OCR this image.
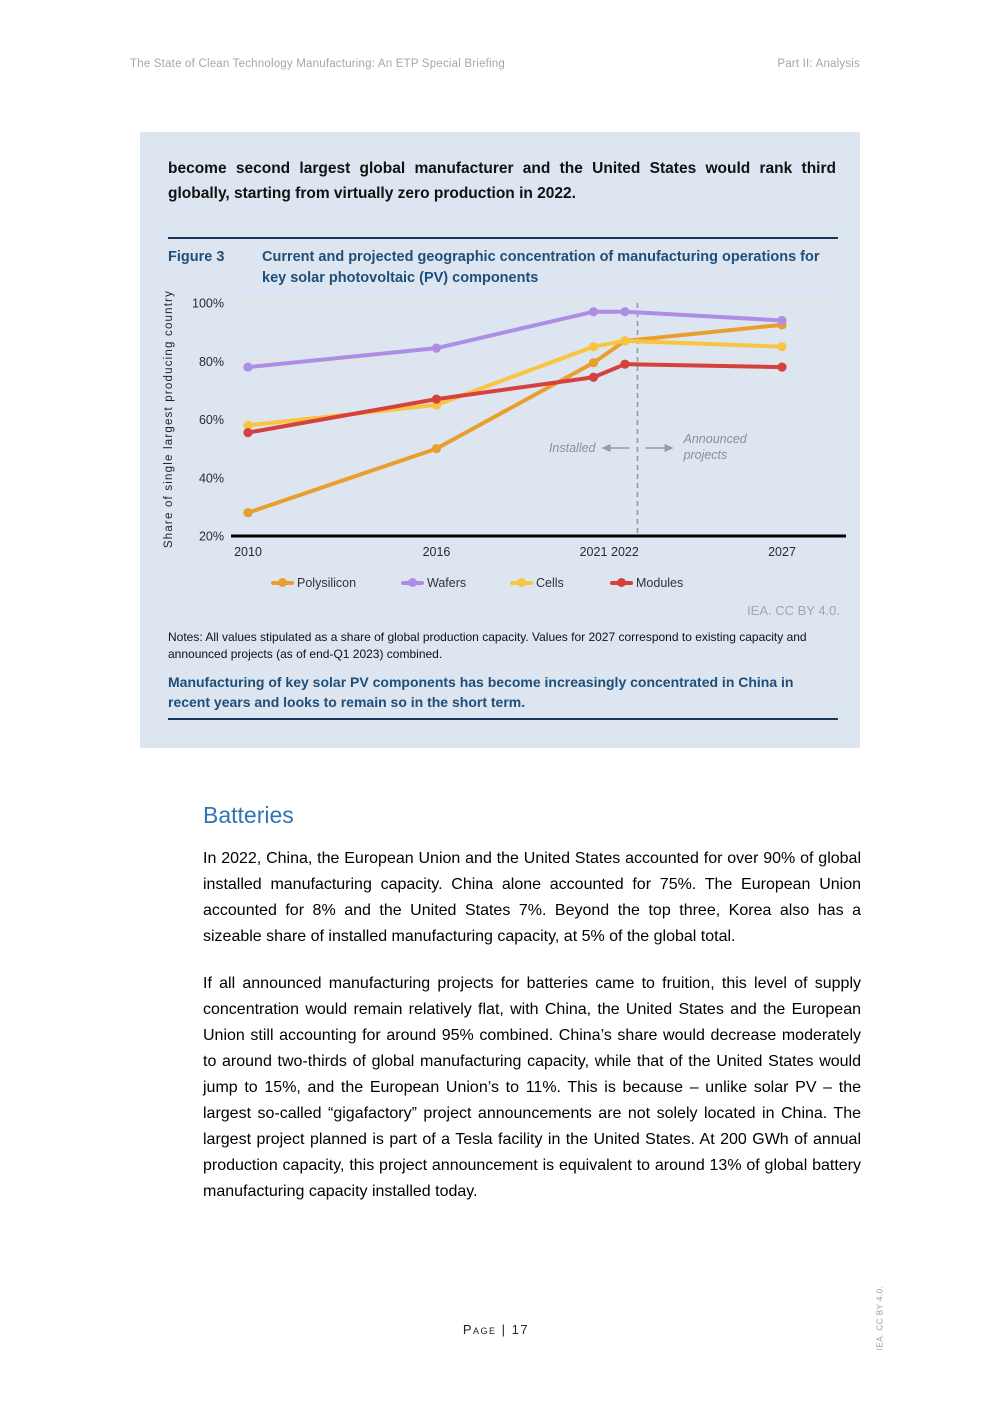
The State of Clean Technology Manufacturing: An ETP Special Briefing	Part II: Analysis
become second largest global manufacturer and the United States would rank third globally, starting from virtually zero production in 2022.
Figure 3	Current and projected geographic concentration of manufacturing operations for key solar photovoltaic (PV) components
20%
40%
60%
80%
100%
Share of single largest producing country	Installed
Announced
projects
2010	2016	2021 2022	2027
Polysilicon	Wafers	Cells	Modules
IEA. CC BY 4.0.
Notes: All values stipulated as a share of global production capacity. Values for 2027 correspond to existing capacity and announced projects (as of end-Q1 2023) combined.
Manufacturing of key solar PV components has become increasingly concentrated in China in recent years and looks to remain so in the short term.
Batteries

In 2022, China, the European Union and the United States accounted for over 90% of global installed manufacturing capacity. China alone accounted for 75%. The European Union accounted for 8% and the United States 7%. Beyond the top three, Korea also has a sizeable share of installed manufacturing capacity, at 5% of the global total.

If all announced manufacturing projects for batteries came to fruition, this level of supply concentration would remain relatively flat, with China, the United States and the European Union still accounting for around 95% combined. China’s share would decrease moderately to around two-thirds of global manufacturing capacity, while that of the United States would jump to 15%, and the European Union’s to 11%. This is because – unlike solar PV – the largest so-called “gigafactory” project announcements are not solely located in China. The largest project planned is part of a Tesla facility in the United States. At 200 GWh of annual production capacity, this project announcement is equivalent to around 13% of global battery manufacturing capacity installed today.

Page | 17	IEA. CC BY 4.0.
